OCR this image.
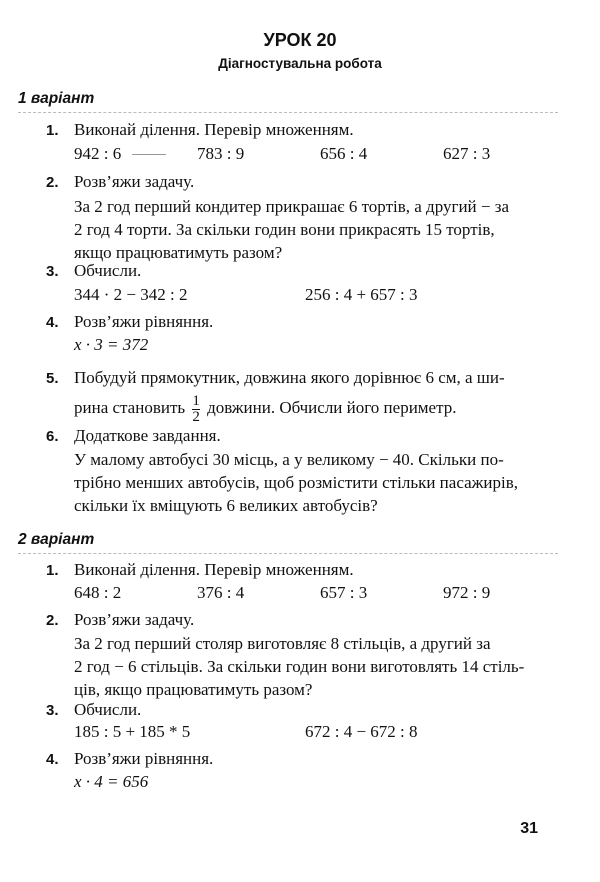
УРОК 20
Діагностувальна робота
1 варіант
1. Виконай ділення. Перевір множенням.
942 : 6	783 : 9	656 : 4	627 : 3
2. Розв’яжи задачу.
За 2 год перший кондитер прикрашає 6 тортів, а другий − за
2 год 4 торти. За скільки годин вони прикрасять 15 тортів,
якщо працюватимуть разом?
3. Обчисли.
344 · 2 − 342 : 2	256 : 4 + 657 : 3
4. Розв’яжи рівняння.
x · 3 = 372
5. Побудуй прямокутник, довжина якого дорівнює 6 см, а ши-
рина становить $\frac{1}{2}$ довжини. Обчисли його периметр.
6. Додаткове завдання.
У малому автобусі 30 місць, а у великому − 40. Скільки по-
трібно менших автобусів, щоб розмістити стільки пасажирів,
скільки їх вміщують 6 великих автобусів?
2 варіант
1. Виконай ділення. Перевір множенням.
648 : 2	376 : 4	657 : 3	972 : 9
2. Розв’яжи задачу.
За 2 год перший столяр виготовляє 8 стільців, а другий за
2 год − 6 стільців. За скільки годин вони виготовлять 14 стіль-
ців, якщо працюватимуть разом?
3. Обчисли.
185 : 5 + 185 * 5	672 : 4 − 672 : 8
4. Розв’яжи рівняння.
x · 4 = 656
31
